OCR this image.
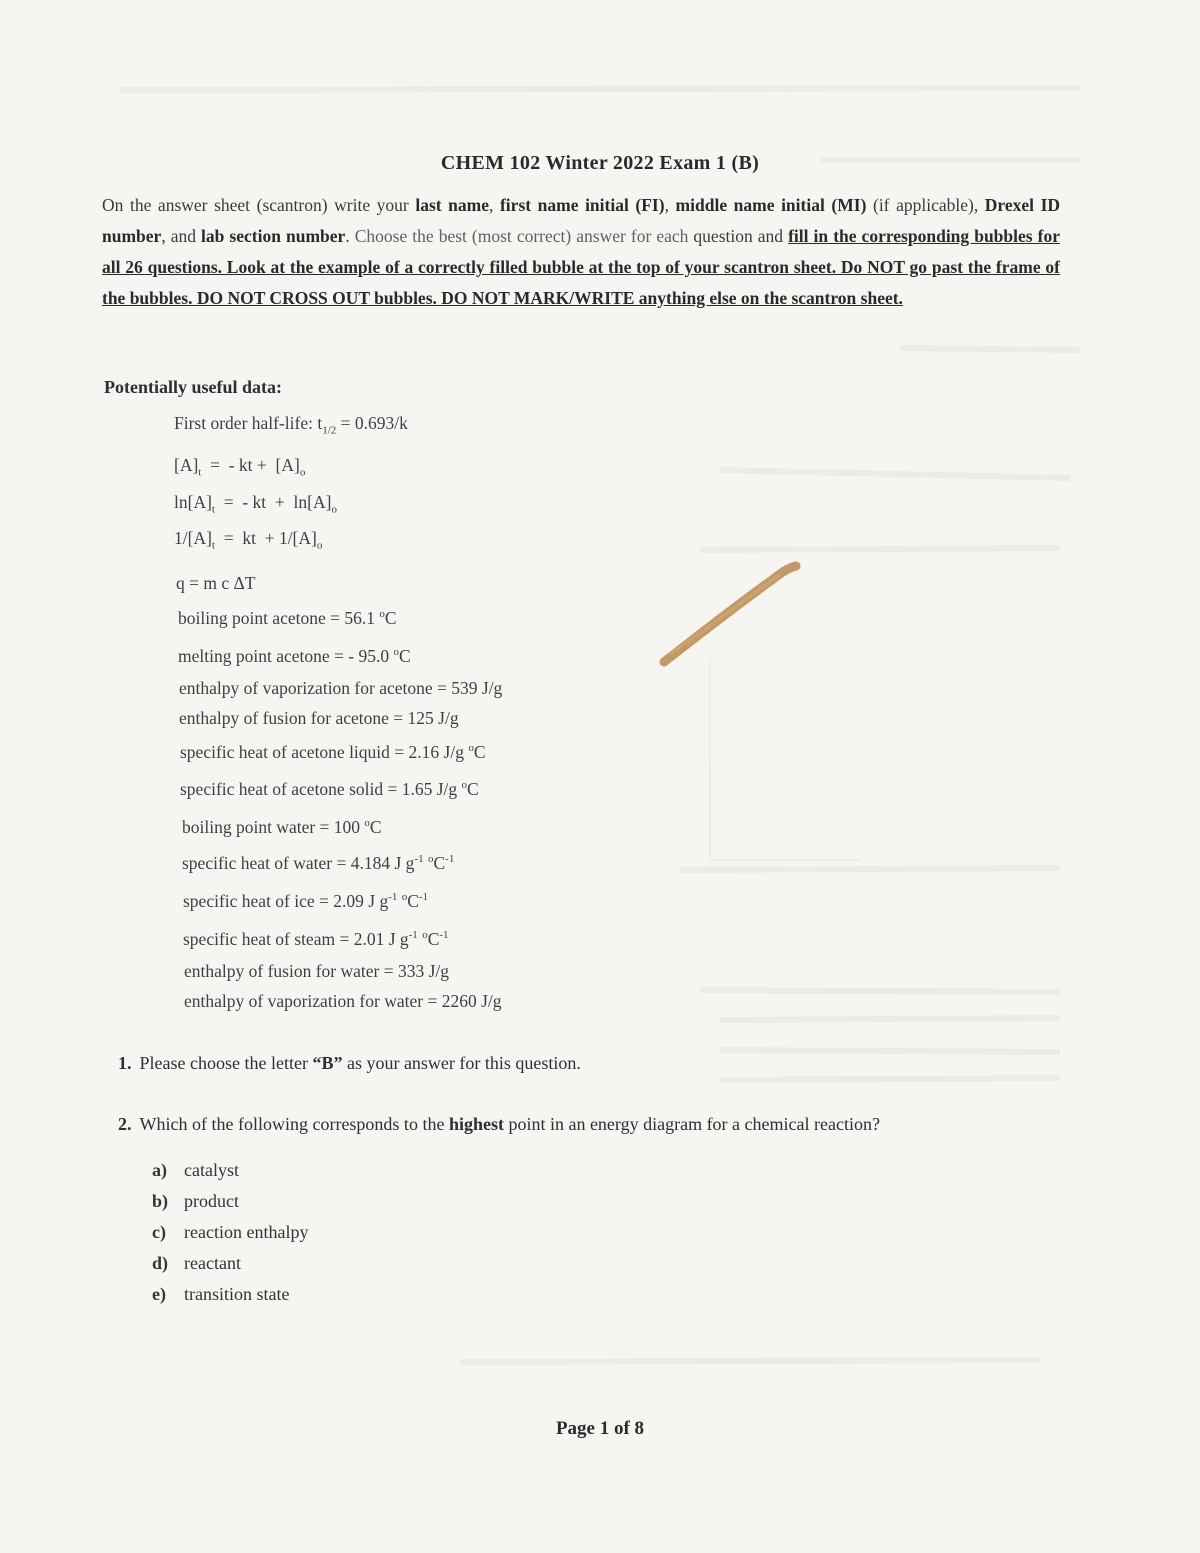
CHEM 102 Winter 2022 Exam 1 (B)
On the answer sheet (scantron) write your last name, first name initial (FI), middle name initial (MI) (if applicable), Drexel ID number, and lab section number. Choose the best (most correct) answer for each question and fill in the corresponding bubbles for all 26 questions. Look at the example of a correctly filled bubble at the top of your scantron sheet. Do NOT go past the frame of the bubbles. DO NOT CROSS OUT bubbles. DO NOT MARK/WRITE anything else on the scantron sheet.
Potentially useful data:
First order half-life: $t_{1/2} = 0.693/k$
$[A]_t$  =  - kt +  $[A]_o$
$\ln[A]_t$  =  - kt  +  $\ln[A]_o$
$1/[A]_t$  =  kt  + $1/[A]_o$
q = m c ΔT
boiling point acetone = 56.1 $^o$C
melting point acetone = - 95.0 $^o$C
enthalpy of vaporization for acetone = 539 J/g
enthalpy of fusion for acetone = 125 J/g
specific heat of acetone liquid = 2.16 J/g $^o$C
specific heat of acetone solid = 1.65 J/g $^o$C
boiling point water = 100 $^o$C
specific heat of water = 4.184 J $g^{-1}$ $^oC^{-1}$
specific heat of ice = 2.09 J $g^{-1}$ $^oC^{-1}$
specific heat of steam = 2.01 J $g^{-1}$ $^oC^{-1}$
enthalpy of fusion for water = 333 J/g
enthalpy of vaporization for water = 2260 J/g
1. Please choose the letter “B” as your answer for this question.
2. Which of the following corresponds to the highest point in an energy diagram for a chemical reaction?
a) catalyst
b) product
c) reaction enthalpy
d) reactant
e) transition state
Page 1 of 8
